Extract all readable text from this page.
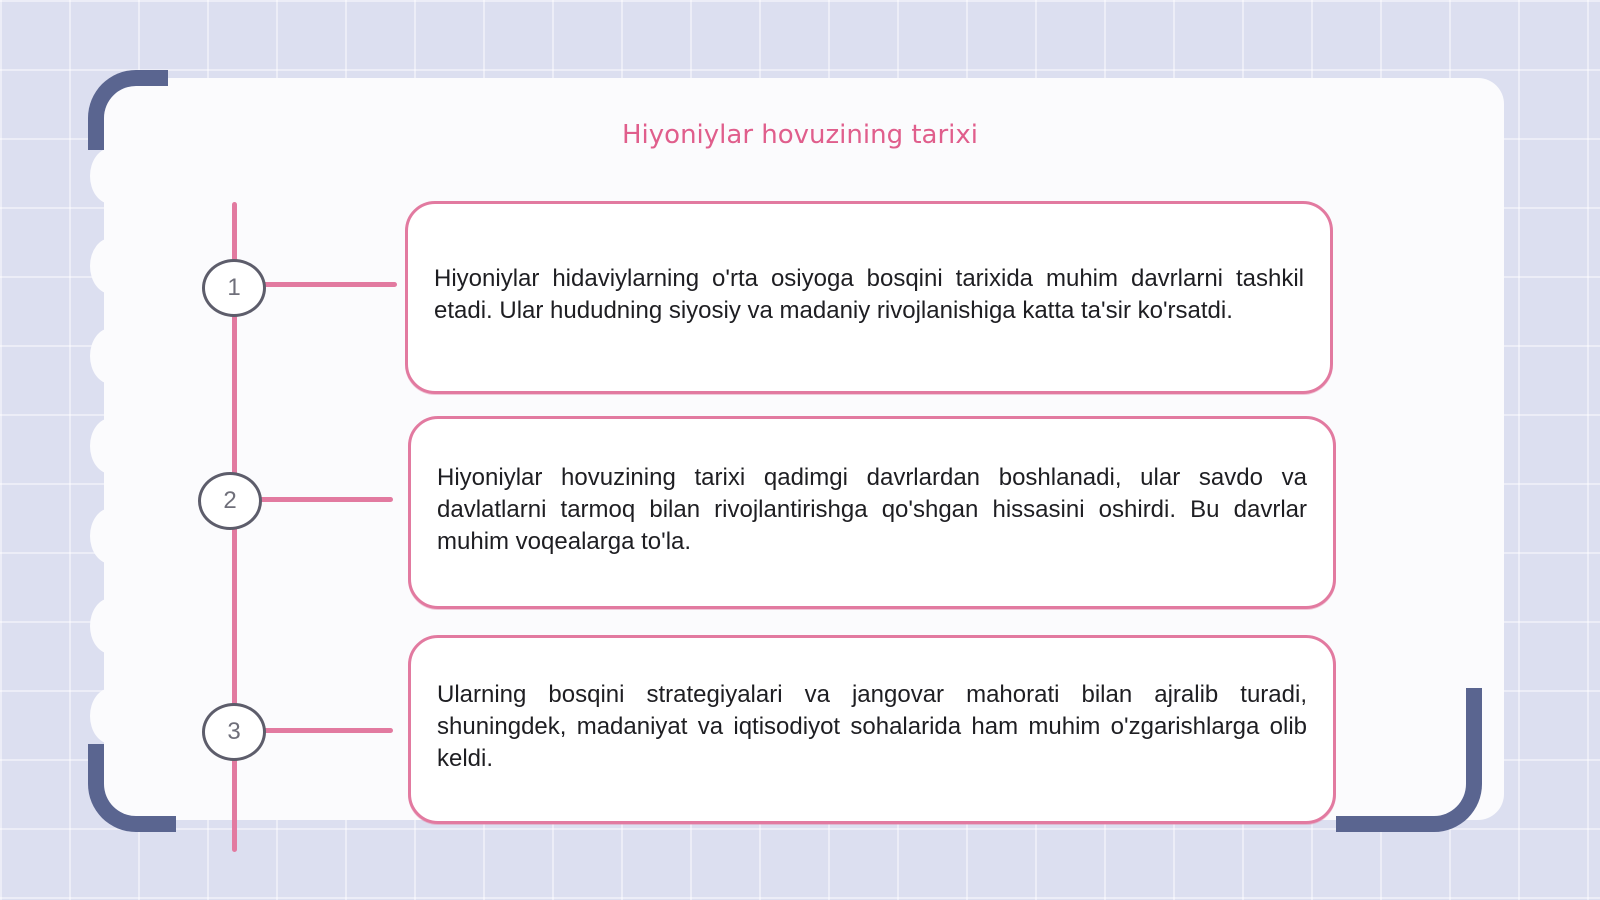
Hiyoniylar hovuzining tarixi
1	Hiyoniylar hidaviylarning o'rta osiyoga bosqini tarixida muhim davrlarni tashkil etadi. Ular hududning siyosiy va madaniy rivojlanishiga katta ta'sir ko'rsatdi.

2

Hiyoniylar hovuzining tarixi qadimgi davrlardan boshlanadi, ular savdo va davlatlarni tarmoq bilan rivojlantirishga qo'shgan hissasini oshirdi. Bu davrlar muhim voqealarga to'la.

3

Ularning bosqini strategiyalari va jangovar mahorati bilan ajralib turadi, shuningdek, madaniyat va iqtisodiyot sohalarida ham muhim o'zgarishlarga olib keldi.
